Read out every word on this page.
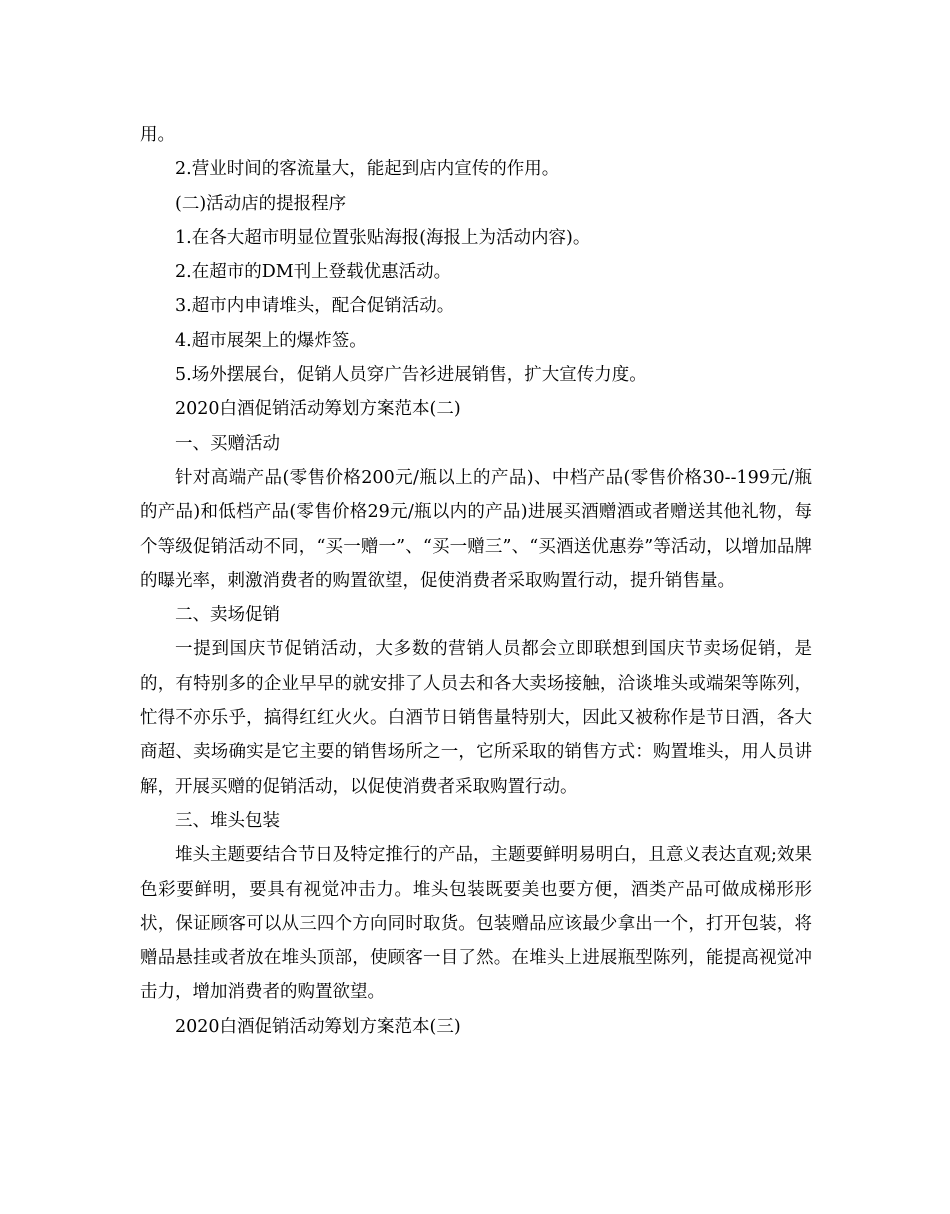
用。

2.营业时间的客流量大，能起到店内宣传的作用。

(二)活动店的提报程序

1.在各大超市明显位置张贴海报(海报上为活动内容)。

2.在超市的DM刊上登载优惠活动。

3.超市内申请堆头，配合促销活动。

4.超市展架上的爆炸签。

5.场外摆展台，促销人员穿广告衫进展销售，扩大宣传力度。

2020白酒促销活动筹划方案范本(二)

一、买赠活动

针对高端产品(零售价格200元/瓶以上的产品)、中档产品(零售价格30--199元/瓶的产品)和低档产品(零售价格29元/瓶以内的产品)进展买酒赠酒或者赠送其他礼物，每个等级促销活动不同，“买一赠一”、“买一赠三”、“买酒送优惠券”等活动，以增加品牌的曝光率，刺激消费者的购置欲望，促使消费者采取购置行动，提升销售量。

二、卖场促销

一提到国庆节促销活动，大多数的营销人员都会立即联想到国庆节卖场促销，是的，有特别多的企业早早的就安排了人员去和各大卖场接触，洽谈堆头或端架等陈列，忙得不亦乐乎，搞得红红火火。白酒节日销售量特别大，因此又被称作是节日酒，各大商超、卖场确实是它主要的销售场所之一，它所采取的销售方式：购置堆头，用人员讲解，开展买赠的促销活动，以促使消费者采取购置行动。

三、堆头包装

堆头主题要结合节日及特定推行的产品，主题要鲜明易明白，且意义表达直观;效果色彩要鲜明，要具有视觉冲击力。堆头包装既要美也要方便，酒类产品可做成梯形形状，保证顾客可以从三四个方向同时取货。包装赠品应该最少拿出一个，打开包装，将赠品悬挂或者放在堆头顶部，使顾客一目了然。在堆头上进展瓶型陈列，能提高视觉冲击力，增加消费者的购置欲望。

2020白酒促销活动筹划方案范本(三)
